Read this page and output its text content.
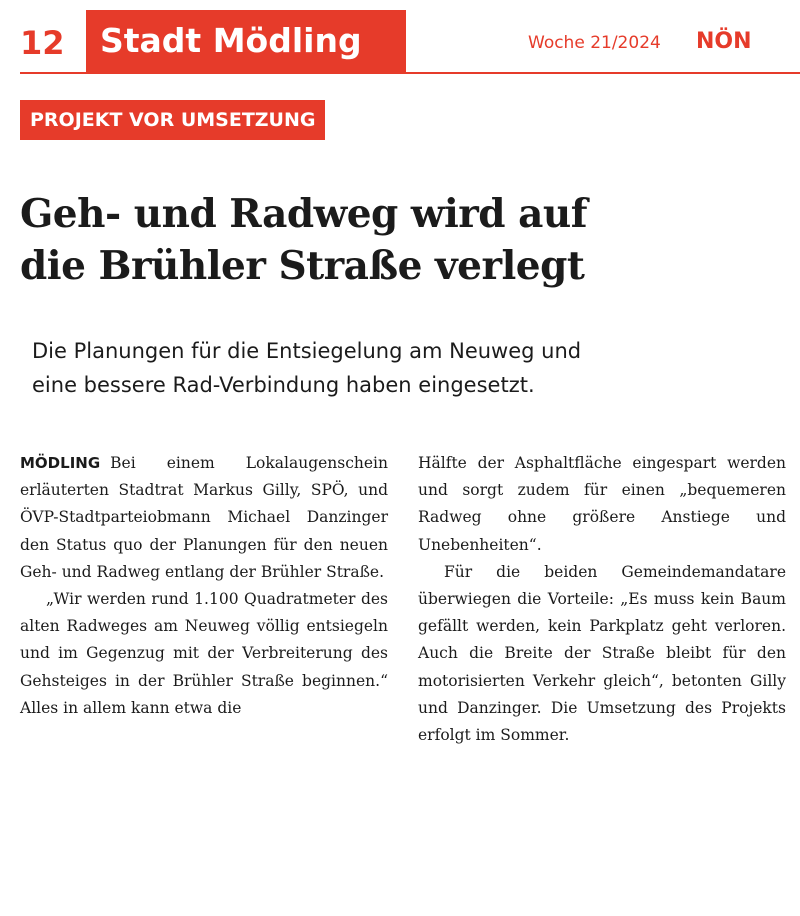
12	Stadt Mödling	Woche 21/2024 NÖN
PROJEKT VOR UMSETZUNG
Geh- und Radweg wird auf
die Brühler Straße verlegt

Die Planungen für die Entsiegelung am Neuweg und
eine bessere Rad-Verbindung haben eingesetzt.

MÖDLING Bei einem Lokalaugenschein erläuterten Stadtrat Markus Gilly, SPÖ, und ÖVP-Stadtparteiobmann Michael Danzinger den Status quo der Planungen für den neuen Geh- und Radweg entlang der Brühler Straße.

„Wir werden rund 1.100 Quadratmeter des alten Radweges am Neuweg völlig entsiegeln und im Gegenzug mit der Verbreiterung des Gehsteiges in der Brühler Straße beginnen.“ Alles in allem kann etwa die

Hälfte der Asphaltfläche eingespart werden und sorgt zudem für einen „bequemeren Radweg ohne größere Anstiege und Unebenheiten“.

Für die beiden Gemeindemandatare überwiegen die Vorteile: „Es muss kein Baum gefällt werden, kein Parkplatz geht verloren. Auch die Breite der Straße bleibt für den motorisierten Verkehr gleich“, betonten Gilly und Danzinger. Die Umsetzung des Projekts erfolgt im Sommer.
